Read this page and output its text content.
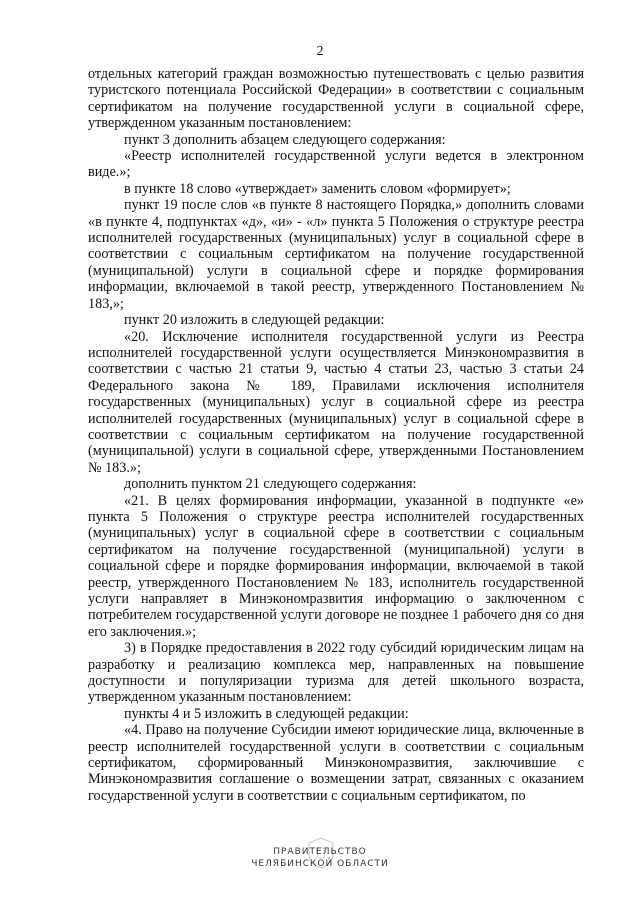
2

отдельных категорий граждан возможностью путешествовать с целью развития туристского потенциала Российской Федерации» в соответствии с социальным сертификатом на получение государственной услуги в социальной сфере, утвержденном указанным постановлением:

пункт 3 дополнить абзацем следующего содержания:

«Реестр исполнителей государственной услуги ведется в электронном виде.»;

в пункте 18 слово «утверждает» заменить словом «формирует»;

пункт 19 после слов «в пункте 8 настоящего Порядка,» дополнить словами «в пункте 4, подпунктах «д», «и» - «л» пункта 5 Положения о структуре реестра исполнителей государственных (муниципальных) услуг в социальной сфере в соответствии с социальным сертификатом на получение государственной (муниципальной) услуги в социальной сфере и порядке формирования информации, включаемой в такой реестр, утвержденного Постановлением № 183,»;

пункт 20 изложить в следующей редакции:

«20. Исключение исполнителя государственной услуги из Реестра исполнителей государственной услуги осуществляется Минэкономразвития в соответствии с частью 21 статьи 9, частью 4 статьи 23, частью 3 статьи 24 Федерального закона № 189, Правилами исключения исполнителя государственных (муниципальных) услуг в социальной сфере из реестра исполнителей государственных (муниципальных) услуг в социальной сфере в соответствии с социальным сертификатом на получение государственной (муниципальной) услуги в социальной сфере, утвержденными Постановлением № 183.»;

дополнить пунктом 21 следующего содержания:

«21. В целях формирования информации, указанной в подпункте «е» пункта 5 Положения о структуре реестра исполнителей государственных (муниципальных) услуг в социальной сфере в соответствии с социальным сертификатом на получение государственной (муниципальной) услуги в социальной сфере и порядке формирования информации, включаемой в такой реестр, утвержденного Постановлением № 183, исполнитель государственной услуги направляет в Минэкономразвития информацию о заключенном с потребителем государственной услуги договоре не позднее 1 рабочего дня со дня его заключения.»;

3) в Порядке предоставления в 2022 году субсидий юридическим лицам на разработку и реализацию комплекса мер, направленных на повышение доступности и популяризации туризма для детей школьного возраста, утвержденном указанным постановлением:

пункты 4 и 5 изложить в следующей редакции:

«4. Право на получение Субсидии имеют юридические лица, включенные в реестр исполнителей государственной услуги в соответствии с социальным сертификатом, сформированный Минэкономразвития, заключившие с Минэкономразвития соглашение о возмещении затрат, связанных с оказанием государственной услуги в соответствии с социальным сертификатом, по

ПРАВИТЕЛЬСТВО
ЧЕЛЯБИНСКОЙ ОБЛАСТИ
